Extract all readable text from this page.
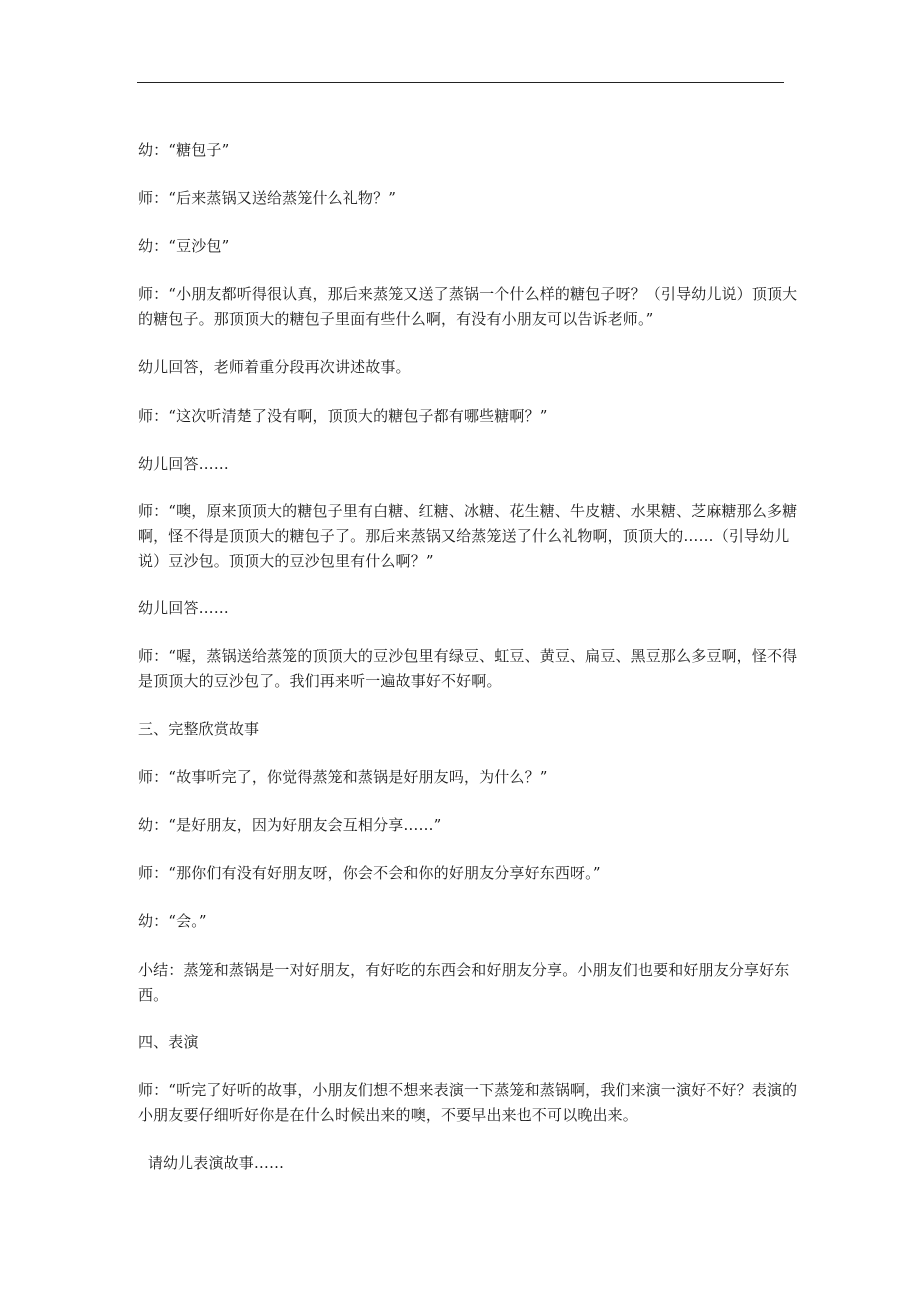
幼：“糖包子”
师：“后来蒸锅又送给蒸笼什么礼物？”
幼：“豆沙包”
师：“小朋友都听得很认真，那后来蒸笼又送了蒸锅一个什么样的糖包子呀？（引导幼儿说）顶顶大的糖包子。那顶顶大的糖包子里面有些什么啊，有没有小朋友可以告诉老师。”
幼儿回答，老师着重分段再次讲述故事。
师：“这次听清楚了没有啊，顶顶大的糖包子都有哪些糖啊？”
幼儿回答……
师：“噢，原来顶顶大的糖包子里有白糖、红糖、冰糖、花生糖、牛皮糖、水果糖、芝麻糖那么多糖啊，怪不得是顶顶大的糖包子了。那后来蒸锅又给蒸笼送了什么礼物啊，顶顶大的……（引导幼儿说）豆沙包。顶顶大的豆沙包里有什么啊？”
幼儿回答……
师：“喔，蒸锅送给蒸笼的顶顶大的豆沙包里有绿豆、虹豆、黄豆、扁豆、黑豆那么多豆啊，怪不得是顶顶大的豆沙包了。我们再来听一遍故事好不好啊。
三、完整欣赏故事
师：“故事听完了，你觉得蒸笼和蒸锅是好朋友吗，为什么？”
幼：“是好朋友，因为好朋友会互相分享……”
师：“那你们有没有好朋友呀，你会不会和你的好朋友分享好东西呀。”
幼：“会。”
小结：蒸笼和蒸锅是一对好朋友，有好吃的东西会和好朋友分享。小朋友们也要和好朋友分享好东西。
四、表演
师：“听完了好听的故事，小朋友们想不想来表演一下蒸笼和蒸锅啊，我们来演一演好不好？表演的小朋友要仔细听好你是在什么时候出来的噢，不要早出来也不可以晚出来。
请幼儿表演故事……
